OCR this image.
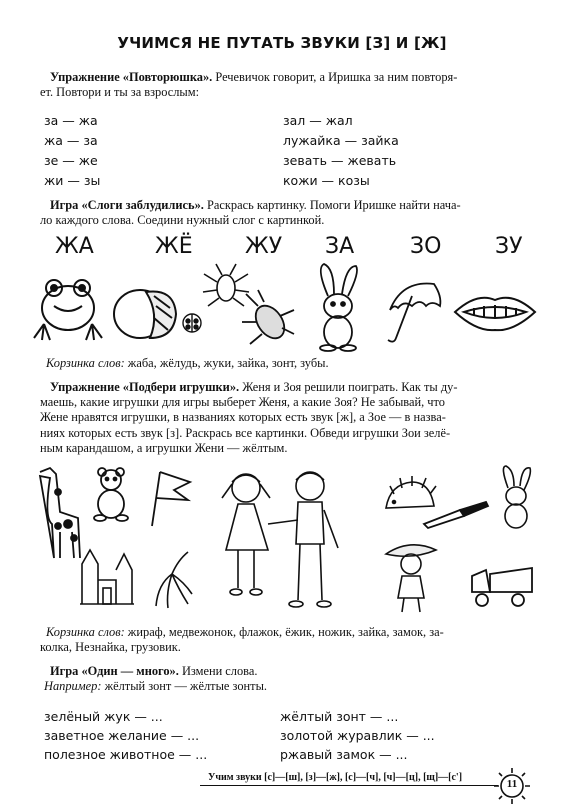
УЧИМСЯ НЕ ПУТАТЬ ЗВУКИ [З] И [Ж]
Упражнение «Повторюшка». Речевичок говорит, а Иришка за ним повторя-
ет. Повтори и ты за взрослым:
за — жа
жа — за
зе — же
жи — зы
зал — жал
лужайка — зайка
зевать — жевать
кожи — козы
Игра «Слоги заблудились». Раскрась картинку. Помоги Иришке найти нача-
ло каждого слова. Соедини нужный слог с картинкой.
ЖА	ЖЁ ЖУ ЗА	ЗО ЗУ
Корзинка слов: жаба, жёлудь, жуки, зайка, зонт, зубы.
Упражнение «Подбери игрушки». Женя и Зоя решили поиграть. Как ты ду-
маешь, какие игрушки для игры выберет Женя, а какие Зоя? Не забывай, что
Жене нравятся игрушки, в названиях которых есть звук [ж], а Зое — в назва-
ниях которых есть звук [з]. Раскрась все картинки. Обведи игрушки Зои зелё-
ным карандашом, а игрушки Жени — жёлтым.
Корзинка слов: жираф, медвежонок, флажок, ёжик, ножик, зайка, замок, за-
колка, Незнайка, грузовик.
Игра «Один — много». Измени слова.
Например: жёлтый зонт — жёлтые зонты.
зелёный жук — ...
заветное желание — ...
полезное животное — ...
жёлтый зонт — ...
золотой журавлик — ...
ржавый замок — ...
Учим звуки [с]—[ш], [з]—[ж], [с]—[ч], [ч]—[ц], [щ]—[с']
11
